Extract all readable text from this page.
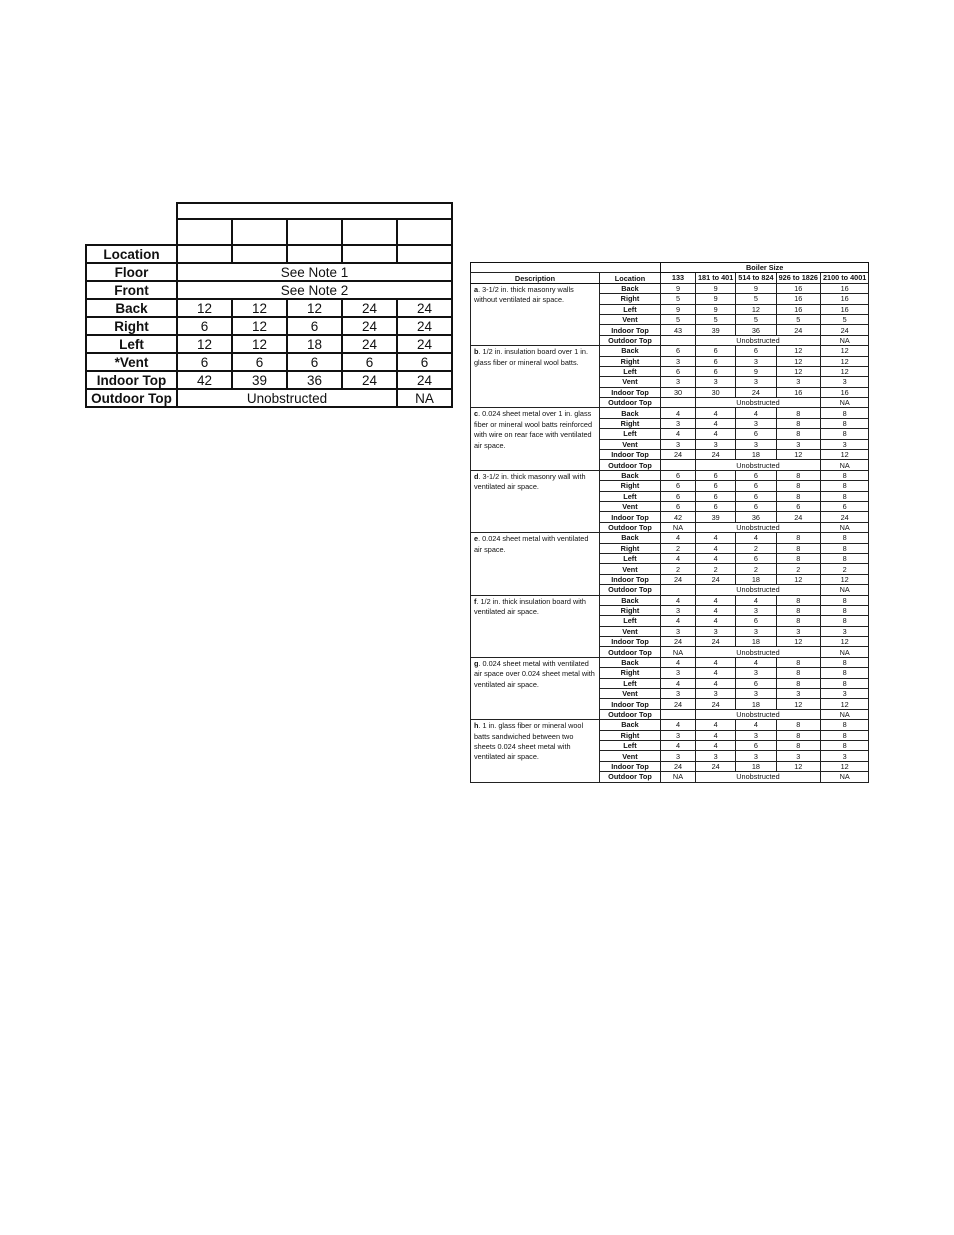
Location					
Floor	See Note 1				
Front	See Note 2				
Back	12	12	12	24	24
Right	6	12	6	24	24
Left	12	12	18	24	24
*Vent	6	6	6	6	6
Indoor Top	42	39	36	24	24
Outdoor Top	Unobstructed				NA
		Boiler Size				
Description	Location	133	181 to 401	514 to 824	926 to 1826	2100 to 4001
a. 3-1/2 in. thick masonry walls without ventilated air space.	Back	9	9	9	16	16
	Right	5	9	5	16	16
	Left	9	9	12	16	16
	Vent	5	5	5	5	5
	Indoor Top	43	39	36	24	24
	Outdoor Top		Unobstructed			NA
b. 1/2 in. insulation board over 1 in. glass fiber or mineral wool batts.	Back	6	6	6	12	12
	Right	3	6	3	12	12
	Left	6	6	9	12	12
	Vent	3	3	3	3	3
	Indoor Top	30	30	24	16	16
	Outdoor Top		Unobstructed			NA
c. 0.024 sheet metal over 1 in. glass fiber or mineral wool batts reinforced with wire on rear face with ventilated air space.	Back	4	4	4	8	8
	Right	3	4	3	8	8
	Left	4	4	6	8	8
	Vent	3	3	3	3	3
	Indoor Top	24	24	18	12	12
	Outdoor Top		Unobstructed			NA
d. 3-1/2 in. thick masonry wall with ventilated air space.	Back	6	6	6	8	8
	Right	6	6	6	8	8
	Left	6	6	6	8	8
	Vent	6	6	6	6	6
	Indoor Top	42	39	36	24	24
	Outdoor Top	NA	Unobstructed			NA
e. 0.024 sheet metal with ventilated air space.	Back	4	4	4	8	8
	Right	2	4	2	8	8
	Left	4	4	6	8	8
	Vent	2	2	2	2	2
	Indoor Top	24	24	18	12	12
	Outdoor Top		Unobstructed			NA
f. 1/2 in. thick insulation board with ventilated air space.	Back	4	4	4	8	8
	Right	3	4	3	8	8
	Left	4	4	6	8	8
	Vent	3	3	3	3	3
	Indoor Top	24	24	18	12	12
	Outdoor Top	NA	Unobstructed			NA
g. 0.024 sheet metal with ventilated air space over 0.024 sheet metal with ventilated air space.	Back	4	4	4	8	8
	Right	3	4	3	8	8
	Left	4	4	6	8	8
	Vent	3	3	3	3	3
	Indoor Top	24	24	18	12	12
	Outdoor Top		Unobstructed			NA
h. 1 in. glass fiber or mineral wool batts sandwiched between two sheets 0.024 sheet metal with ventilated air space.	Back	4	4	4	8	8
	Right	3	4	3	8	8
	Left	4	4	6	8	8
	Vent	3	3	3	3	3
	Indoor Top	24	24	18	12	12
	Outdoor Top	NA	Unobstructed			NA
